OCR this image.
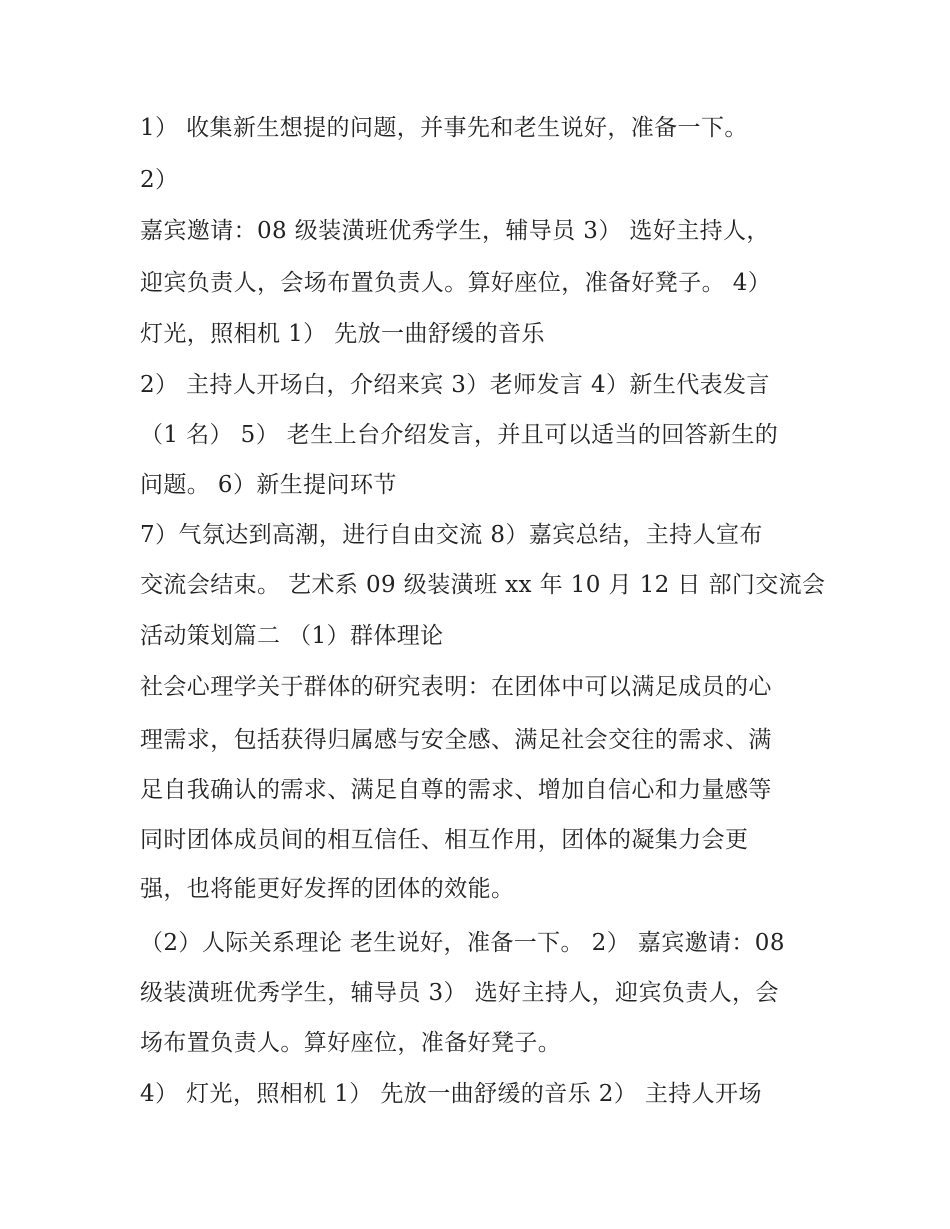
1） 收集新生想提的问题，并事先和老生说好，准备一下。
2）
嘉宾邀请：08 级装潢班优秀学生，辅导员 3） 选好主持人，
迎宾负责人，会场布置负责人。算好座位，准备好凳子。 4）
灯光，照相机 1） 先放一曲舒缓的音乐
2） 主持人开场白，介绍来宾 3）老师发言 4）新生代表发言
（1 名） 5） 老生上台介绍发言，并且可以适当的回答新生的
问题。 6）新生提问环节
7）气氛达到高潮，进行自由交流 8）嘉宾总结，主持人宣布
交流会结束。 艺术系 09 级装潢班 xx 年 10 月 12 日 部门交流会
活动策划篇二 （1）群体理论
社会心理学关于群体的研究表明：在团体中可以满足成员的心
理需求，包括获得归属感与安全感、满足社会交往的需求、满
足自我确认的需求、满足自尊的需求、增加自信心和力量感等
同时团体成员间的相互信任、相互作用，团体的凝集力会更
强，也将能更好发挥的团体的效能。
（2）人际关系理论 老生说好，准备一下。 2） 嘉宾邀请：08
级装潢班优秀学生，辅导员 3） 选好主持人，迎宾负责人，会
场布置负责人。算好座位，准备好凳子。
4） 灯光，照相机 1） 先放一曲舒缓的音乐 2） 主持人开场
